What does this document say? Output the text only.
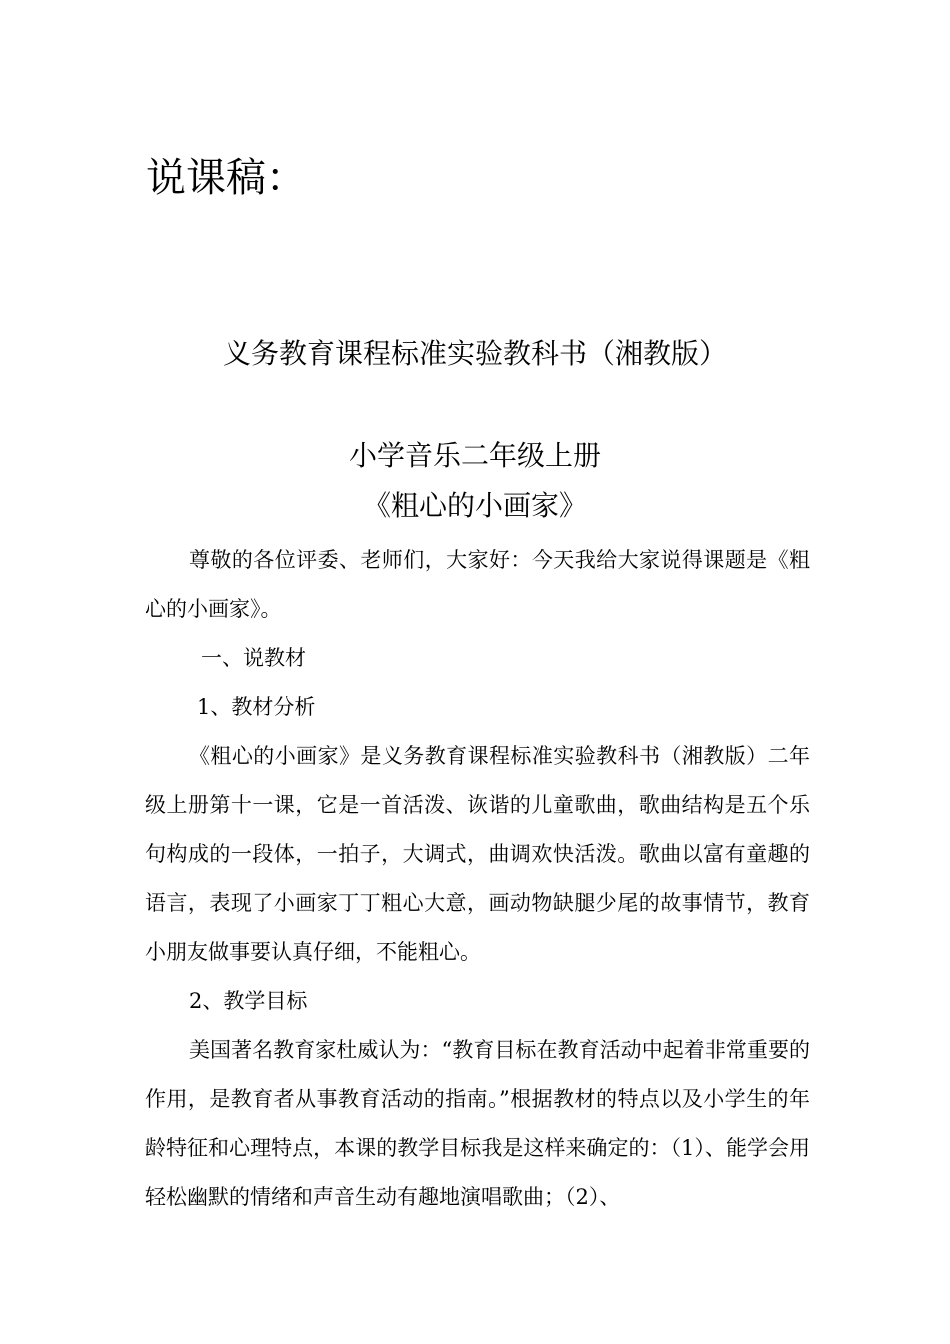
说课稿：
义务教育课程标准实验教科书（湘教版）
小学音乐二年级上册
《粗心的小画家》
尊敬的各位评委、老师们，大家好：今天我给大家说得课题是《粗心的小画家》。
一、说教材
1、教材分析
《粗心的小画家》是义务教育课程标准实验教科书（湘教版）二年级上册第十一课，它是一首活泼、诙谐的儿童歌曲，歌曲结构是五个乐句构成的一段体，一拍子，大调式，曲调欢快活泼。歌曲以富有童趣的语言，表现了小画家丁丁粗心大意，画动物缺腿少尾的故事情节，教育小朋友做事要认真仔细，不能粗心。
2、教学目标
美国著名教育家杜威认为：“教育目标在教育活动中起着非常重要的作用，是教育者从事教育活动的指南。”根据教材的特点以及小学生的年龄特征和心理特点，本课的教学目标我是这样来确定的：（1）、能学会用轻松幽默的情绪和声音生动有趣地演唱歌曲；（2）、
